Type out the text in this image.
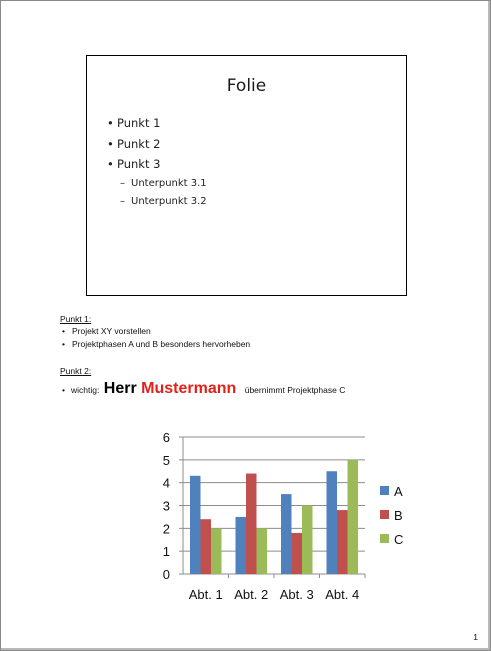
Folie
• Punkt 1
• Punkt 2
• Punkt 3
– Unterpunkt 3.1
– Unterpunkt 3.2

Punkt 1:

• Projekt XY vorstellen
• Projektphasen A und B besonders hervorheben

Punkt 2:

• wichtig: Herr Mustermann übernimmt Projektphase C
0
1
2
3
4
5
6
Abt. 1 Abt. 2 Abt. 3 Abt. 4
A
B
C
1
